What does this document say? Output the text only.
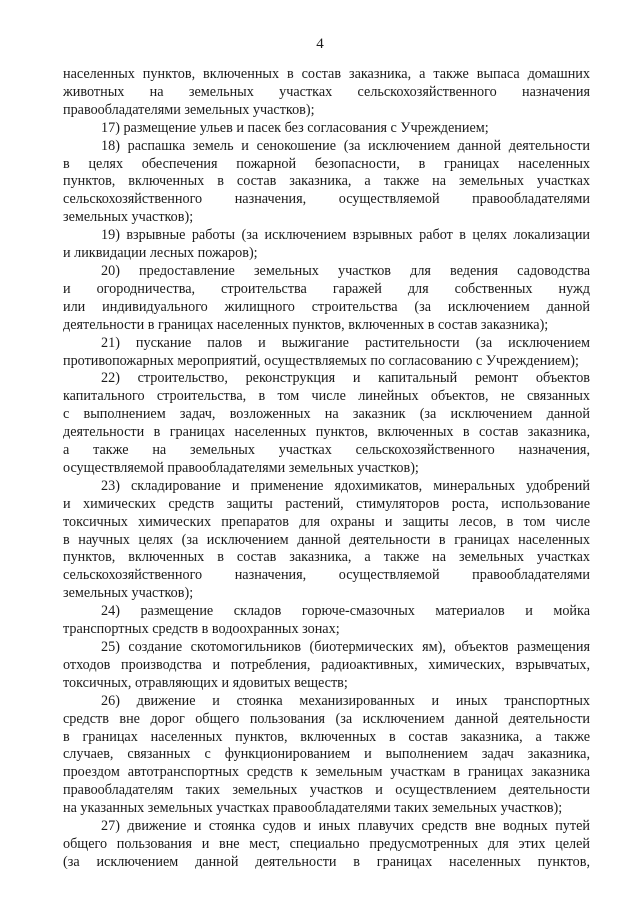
4

населенных пунктов, включенных в состав заказника, а также выпаса домашних
животных на земельных участках сельскохозяйственного назначения
правообладателями земельных участков);

17) размещение ульев и пасек без согласования с Учреждением;

18) распашка земель и сенокошение (за исключением данной деятельности
в целях обеспечения пожарной безопасности, в границах населенных
пунктов, включенных в состав заказника, а также на земельных участках
сельскохозяйственного назначения, осуществляемой правообладателями
земельных участков);

19) взрывные работы (за исключением взрывных работ в целях локализации
и ликвидации лесных пожаров);

20) предоставление земельных участков для ведения садоводства
и огородничества, строительства гаражей для собственных нужд
или индивидуального жилищного строительства (за исключением данной
деятельности в границах населенных пунктов, включенных в состав заказника);

21) пускание палов и выжигание растительности (за исключением
противопожарных мероприятий, осуществляемых по согласованию с Учреждением);

22) строительство, реконструкция и капитальный ремонт объектов
капитального строительства, в том числе линейных объектов, не связанных
с выполнением задач, возложенных на заказник (за исключением данной
деятельности в границах населенных пунктов, включенных в состав заказника,
а также на земельных участках сельскохозяйственного назначения,
осуществляемой правообладателями земельных участков);

23) складирование и применение ядохимикатов, минеральных удобрений
и химических средств защиты растений, стимуляторов роста, использование
токсичных химических препаратов для охраны и защиты лесов, в том числе
в научных целях (за исключением данной деятельности в границах населенных
пунктов, включенных в состав заказника, а также на земельных участках
сельскохозяйственного назначения, осуществляемой правообладателями
земельных участков);

24) размещение складов горюче-смазочных материалов и мойка
транспортных средств в водоохранных зонах;

25) создание скотомогильников (биотермических ям), объектов размещения
отходов производства и потребления, радиоактивных, химических, взрывчатых,
токсичных, отравляющих и ядовитых веществ;

26) движение и стоянка механизированных и иных транспортных
средств вне дорог общего пользования (за исключением данной деятельности
в границах населенных пунктов, включенных в состав заказника, а также
случаев, связанных с функционированием и выполнением задач заказника,
проездом автотранспортных средств к земельным участкам в границах заказника
правообладателям таких земельных участков и осуществлением деятельности
на указанных земельных участках правообладателями таких земельных участков);

27) движение и стоянка судов и иных плавучих средств вне водных путей
общего пользования и вне мест, специально предусмотренных для этих целей
(за исключением данной деятельности в границах населенных пунктов,
